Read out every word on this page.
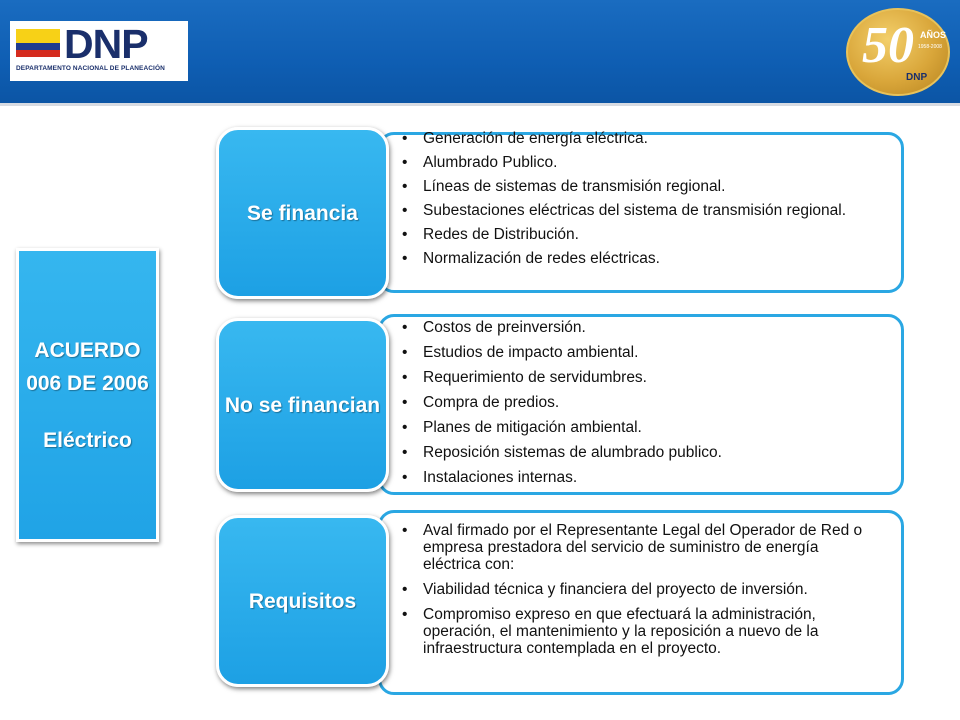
DNP
DEPARTAMENTO NACIONAL DE PLANEACIÓN	50 AÑOS
1958-2008
DNP
ACUERDO
006 DE 2006
Eléctrico
Se financia
• Generación de energía eléctrica.
• Alumbrado Publico.
• Líneas de sistemas de transmisión regional.
• Subestaciones eléctricas del sistema de transmisión regional.
• Redes de Distribución.
• Normalización de redes eléctricas.
No se financian
• Costos de preinversión.
• Estudios de impacto ambiental.
• Requerimiento de servidumbres.
• Compra de predios.
• Planes de mitigación ambiental.
• Reposición sistemas de alumbrado publico.
• Instalaciones internas.
Requisitos
• Aval firmado por el Representante Legal del Operador de Red o empresa prestadora del servicio de suministro de energía eléctrica con:
• Viabilidad técnica y financiera del proyecto de inversión.
• Compromiso expreso en que efectuará la administración, operación, el mantenimiento y la reposición a nuevo de la infraestructura contemplada en el proyecto.
